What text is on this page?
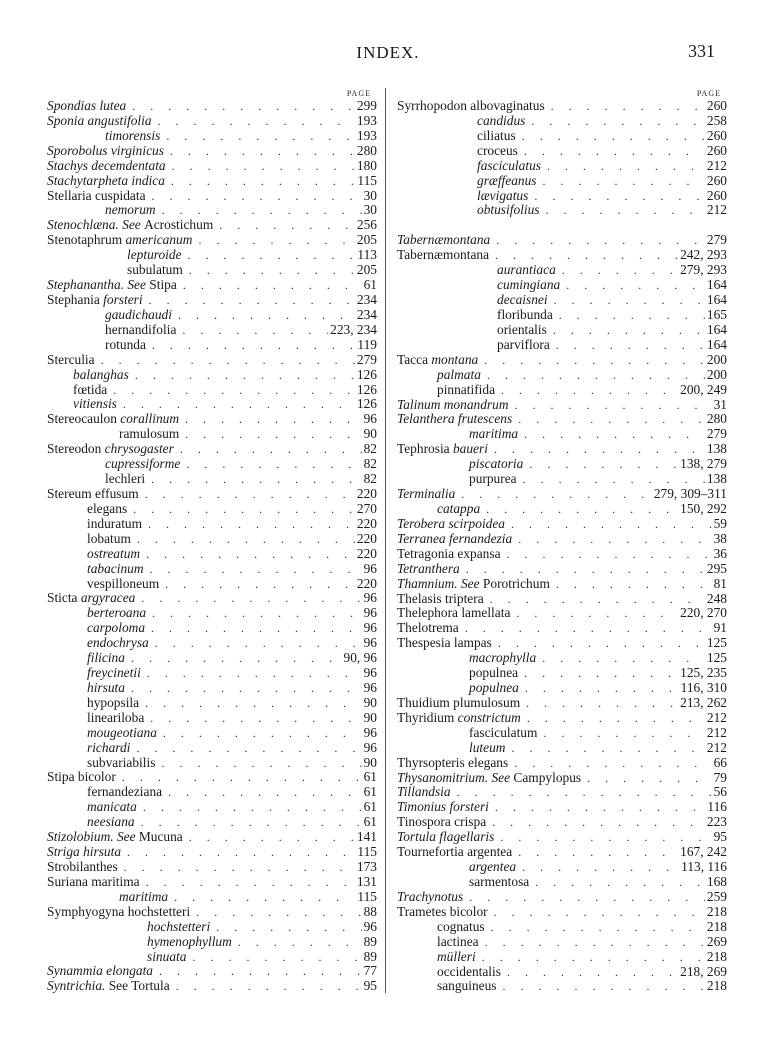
INDEX.	331
PAGE
Spondias lutea . . .	299
Sponia angustifolia . . .	193
timorensis . . .	193
Sporobolus virginicus . . .	280
Stachys decemdentata . . .	180
Stachytarpheta indica . . .	115
Stellaria cuspidata . . .	30
nemorum . . .	30
Stenochlæna. See Acrostichum . . .	256
Stenotaphrum americanum . . .	205
lepturoide . . .	113
subulatum . . .	205
Stephanantha. See Stipa . . .	61
Stephania forsteri . . .	234
gaudichaudi . . .	234
hernandifolia . . .	223, 234
rotunda . . .	119
Sterculia . . .	279
balanghas . . .	126
fœtida . . .	126
vitiensis . . .	126
Stereocaulon corallinum . . .	96
ramulosum . . .	90
Stereodon chrysogaster . . .	82
cupressiforme . . .	82
lechleri . . .	82
Stereum effusum . . .	220
elegans . . .	270
induratum . . .	220
lobatum . . .	220
ostreatum . . .	220
tabacinum . . .	96
vespilloneum . . .	220
Sticta argyracea . . .	96
berteroana . . .	96
carpoloma . . .	96
endochrysa . . .	96
filicina . . .	90, 96
freycinetii . . .	96
hirsuta . . .	96
hypopsila . . .	90
lineariloba . . .	90
mougeotiana . . .	96
richardi . . .	96
subvariabilis . . .	90
Stipa bicolor . . .	61
fernandeziana . . .	61
manicata . . .	61
neesiana . . .	61
Stizolobium. See Mucuna . . .	141
Striga hirsuta . . .	115
Strobilanthes . . .	173
Suriana maritima . . .	131
maritima . . .	115
Symphyogyna hochstetteri . . .	88
hochstetteri . . .	96
hymenophyllum . . .	89
sinuata . . .	89
Synammia elongata . . .	77
Syntrichia. See Tortula . . .	95
PAGE
Syrrhopodon albovaginatus . . .	260
candidus . . .	258
ciliatus . . .	260
croceus . . .	260
fasciculatus . . .	212
græffeanus . . .	260
lævigatus . . .	260
obtusifolius . . .	212
Tabernæmontana . . .	279
Tabernæmontana . . .	242, 293
aurantiaca . . .	279, 293
cumingiana . . .	164
decaisnei . . .	164
floribunda . . .	165
orientalis . . .	164
parviflora . . .	164
Tacca montana . . .	200
palmata . . .	200
pinnatifida . . .	200, 249
Talinum monandrum . . .	31
Telanthera frutescens . . .	280
maritima . . .	279
Tephrosia baueri . . .	138
piscatoria . . .	138, 279
purpurea . . .	138
Terminalia . . .	279, 309–311
catappa . . .	150, 292
Terobera scirpoidea . . .	59
Terranea fernandezia . . .	38
Tetragonia expansa . . .	36
Tetranthera . . .	295
Thamnium. See Porotrichum . . .	81
Thelasis triptera . . .	248
Thelephora lamellata . . .	220, 270
Thelotrema . . .	91
Thespesia lampas . . .	125
macrophylla . . .	125
populnea . . .	125, 235
populnea . . .	116, 310
Thuidium plumulosum . . .	213, 262
Thyridium constrictum . . .	212
fasciculatum . . .	212
luteum . . .	212
Thyrsopteris elegans . . .	66
Thysanomitrium. See Campylopus . . .	79
Tillandsia . . .	56
Timonius forsteri . . .	116
Tinospora crispa . . .	223
Tortula flagellaris . . .	95
Tournefortia argentea . . .	167, 242
argentea . . .	113, 116
sarmentosa . . .	168
Trachynotus . . .	259
Trametes bicolor . . .	218
cognatus . . .	218
lactinea . . .	269
mülleri . . .	218
occidentalis . . .	218, 269
sanguineus . . .	218
